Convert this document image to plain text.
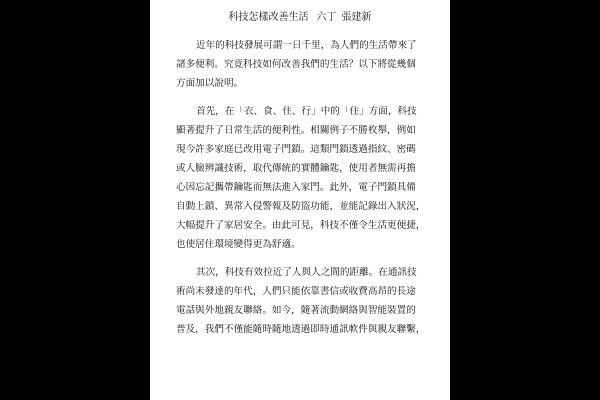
科技怎樣改善生活 六丁 張建新
近年的科技發展可謂一日千里，為人們的生活帶來了
諸多便利。究竟科技如何改善我們的生活？以下將從幾個
方面加以說明。
首先，在「衣、食、住、行」中的「住」方面，科技
顯著提升了日常生活的便利性。相關例子不勝枚舉，例如
現今許多家庭已改用電子門鎖。這類門鎖透過指紋、密碼
或人臉辨識技術，取代傳統的實體鑰匙，使用者無需再擔
心因忘記攜帶鑰匙而無法進入家門。此外，電子門鎖具備
自動上鎖、異常入侵警報及防盜功能，並能記錄出入狀況，
大幅提升了家居安全。由此可見，科技不僅令生活更便捷，
也使居住環境變得更為舒適。
其次，科技有效拉近了人與人之間的距離。在通訊技
術尚未發達的年代，人們只能依靠書信或收費高昂的長途
電話與外地親友聯絡。如今，隨著流動網絡與智能裝置的
普及，我們不僅能隨時隨地透過即時通訊軟件與親友聯繫，
